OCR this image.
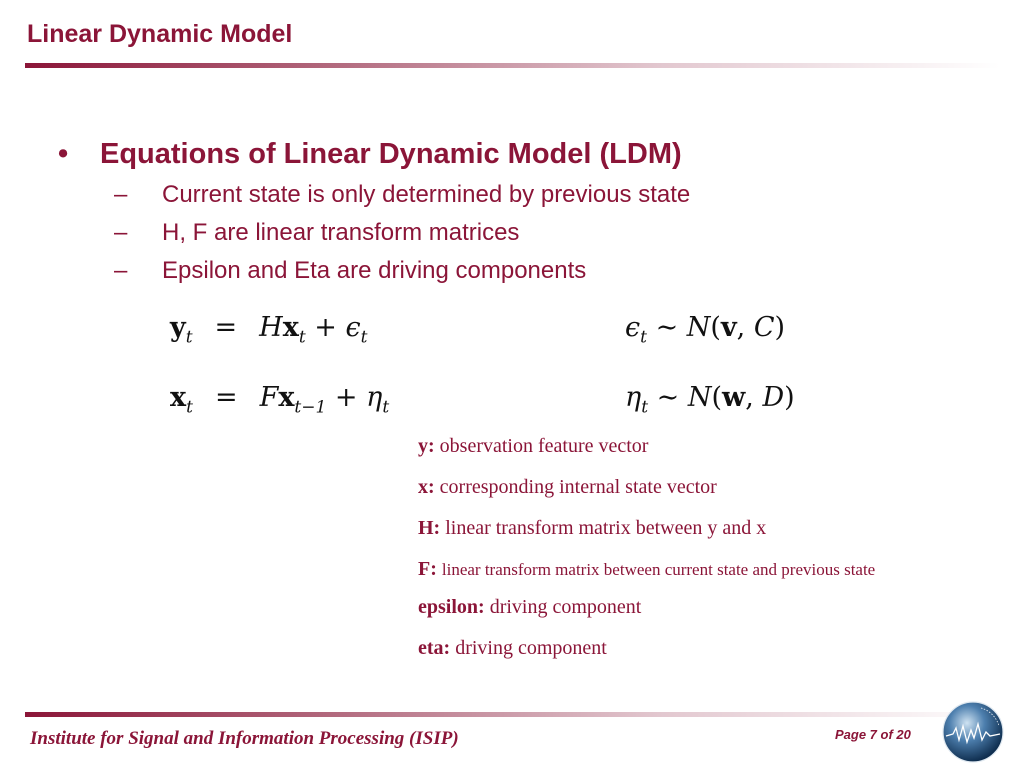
Linear Dynamic Model
• Equations of Linear Dynamic Model (LDM)
– Current state is only determined by previous state
– H, F are linear transform matrices
– Epsilon and Eta are driving components
$y_t = Hx_t + \epsilon_t$	$\epsilon_t$ ∼ N(v, C)
$x_t = Fx_{t-1} + \eta_t$	$\eta_t$ ∼ N(w, D)
y: observation feature vector
x: corresponding internal state vector
H: linear transform matrix between y and x
F: linear transform matrix between current state and previous state
epsilon: driving component
eta: driving component
Institute for Signal and Information Processing (ISIP)	Page 7 of 20
